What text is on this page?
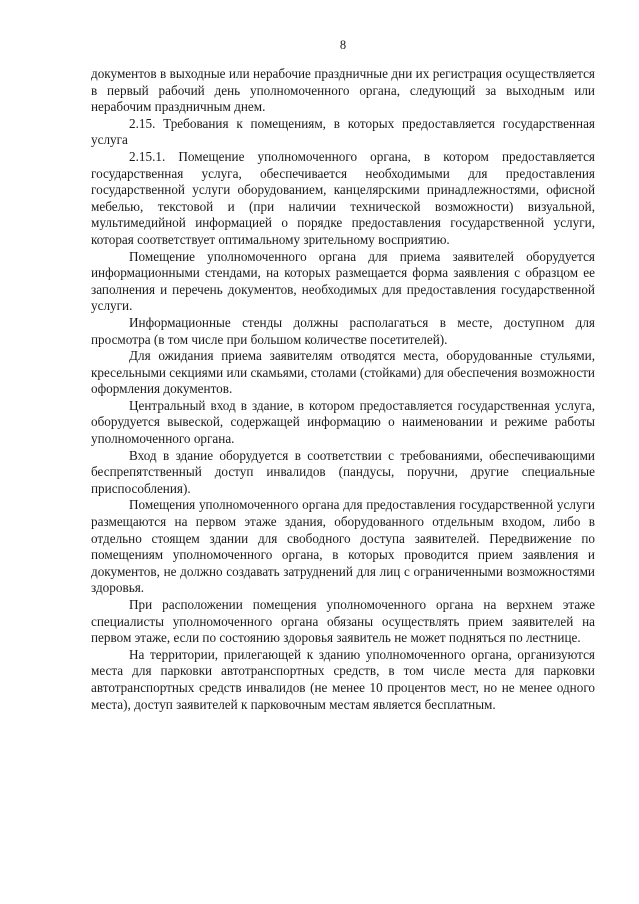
8

документов в выходные или нерабочие праздничные дни их регистрация осуществляется в первый рабочий день уполномоченного органа, следующий за выходным или нерабочим праздничным днем.

2.15. Требования к помещениям, в которых предоставляется государственная услуга

2.15.1. Помещение уполномоченного органа, в котором предоставляется государственная услуга, обеспечивается необходимыми для предоставления государственной услуги оборудованием, канцелярскими принадлежностями, офисной мебелью, текстовой и (при наличии технической возможности) визуальной, мультимедийной информацией о порядке предоставления государственной услуги, которая соответствует оптимальному зрительному восприятию.

Помещение уполномоченного органа для приема заявителей оборудуется информационными стендами, на которых размещается форма заявления с образцом ее заполнения и перечень документов, необходимых для предоставления государственной услуги.

Информационные стенды должны располагаться в месте, доступном для просмотра (в том числе при большом количестве посетителей).

Для ожидания приема заявителям отводятся места, оборудованные стульями, кресельными секциями или скамьями, столами (стойками) для обеспечения возможности оформления документов.

Центральный вход в здание, в котором предоставляется государственная услуга, оборудуется вывеской, содержащей информацию о наименовании и режиме работы уполномоченного органа.

Вход в здание оборудуется в соответствии с требованиями, обеспечивающими беспрепятственный доступ инвалидов (пандусы, поручни, другие специальные приспособления).

Помещения уполномоченного органа для предоставления государственной услуги размещаются на первом этаже здания, оборудованного отдельным входом, либо в отдельно стоящем здании для свободного доступа заявителей. Передвижение по помещениям уполномоченного органа, в которых проводится прием заявления и документов, не должно создавать затруднений для лиц с ограниченными возможностями здоровья.

При расположении помещения уполномоченного органа на верхнем этаже специалисты уполномоченного органа обязаны осуществлять прием заявителей на первом этаже, если по состоянию здоровья заявитель не может подняться по лестнице.

На территории, прилегающей к зданию уполномоченного органа, организуются места для парковки автотранспортных средств, в том числе места для парковки автотранспортных средств инвалидов (не менее 10 процентов мест, но не менее одного места), доступ заявителей к парковочным местам является бесплатным.
